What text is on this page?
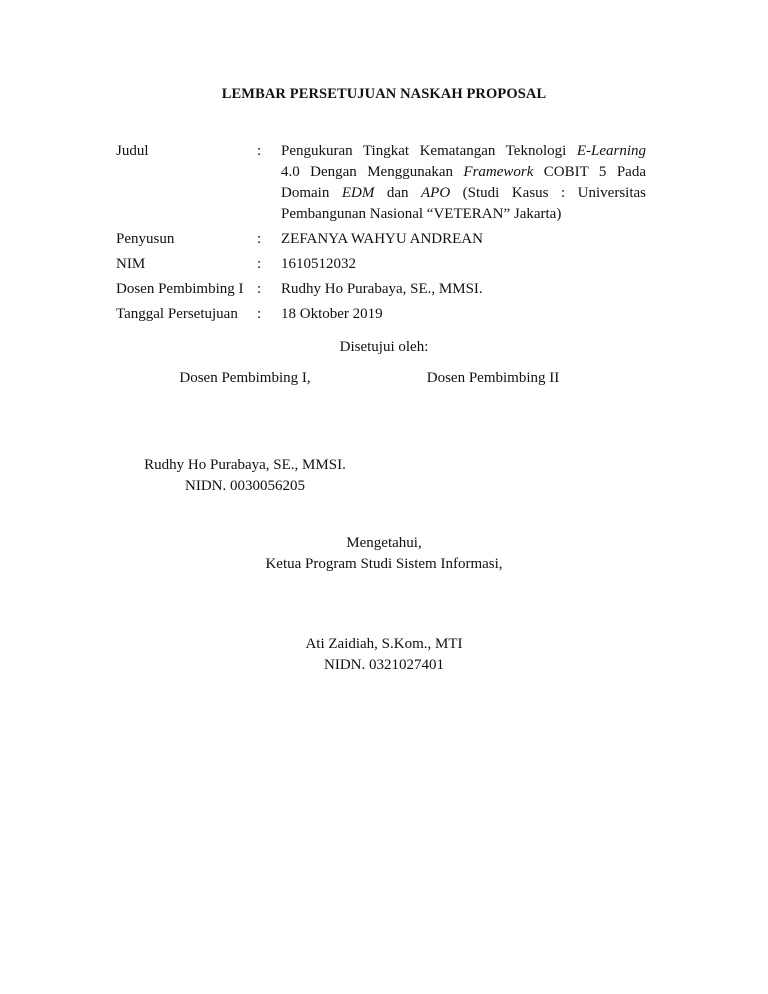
LEMBAR PERSETUJUAN NASKAH PROPOSAL
Judul	:	Pengukuran Tingkat Kematangan Teknologi E-Learning
4.0 Dengan Menggunakan Framework COBIT 5 Pada
Domain EDM dan APO (Studi Kasus : Universitas
Pembangunan Nasional “VETERAN” Jakarta)
Penyusun	:	ZEFANYA WAHYU ANDREAN
NIM	:	1610512032
Dosen Pembimbing I :	Rudhy Ho Purabaya, SE., MMSI.
Tanggal Persetujuan	:	18 Oktober 2019
Disetujui oleh:
Dosen Pembimbing I,	Dosen Pembimbing II
Rudhy Ho Purabaya, SE., MMSI.
NIDN. 0030056205
Mengetahui,
Ketua Program Studi Sistem Informasi,
Ati Zaidiah, S.Kom., MTI
NIDN. 0321027401
